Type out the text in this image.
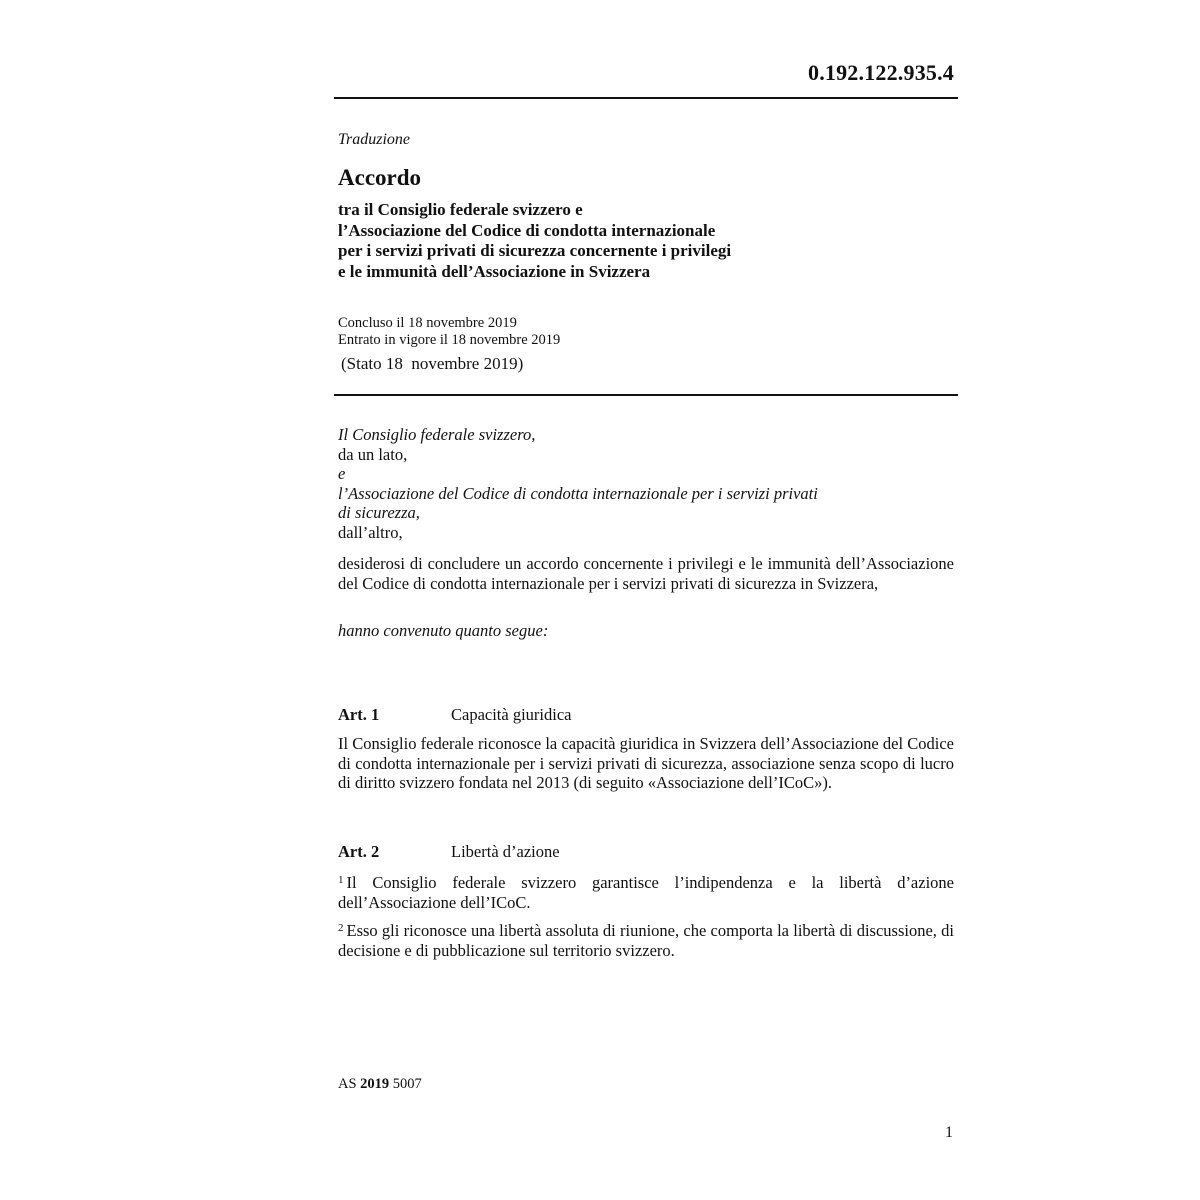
0.192.122.935.4
Traduzione
Accordo
tra il Consiglio federale svizzero e
l’Associazione del Codice di condotta internazionale
per i servizi privati di sicurezza concernente i privilegi
e le immunità dell’Associazione in Svizzera
Concluso il 18 novembre 2019
Entrato in vigore il 18 novembre 2019
(Stato 18  novembre 2019)
Il Consiglio federale svizzero,
da un lato,
e
l’Associazione del Codice di condotta internazionale per i servizi privati
di sicurezza,
dall’altro,
desiderosi di concludere un accordo concernente i privilegi e le immunità dell’Associazione del Codice di condotta internazionale per i servizi privati di sicurezza in Svizzera,
hanno convenuto quanto segue:
Art. 1	Capacità giuridica
Il Consiglio federale riconosce la capacità giuridica in Svizzera dell’Associazione del Codice di condotta internazionale per i servizi privati di sicurezza, associazione senza scopo di lucro di diritto svizzero fondata nel 2013 (di seguito «Associazione dell’ICoC»).
Art. 2	Libertà d’azione
$^1$ Il Consiglio federale svizzero garantisce l’indipendenza e la libertà d’azione dell’Associazione dell’ICoC.
$^2$ Esso gli riconosce una libertà assoluta di riunione, che comporta la libertà di discussione, di decisione e di pubblicazione sul territorio svizzero.
AS 2019 5007
1
